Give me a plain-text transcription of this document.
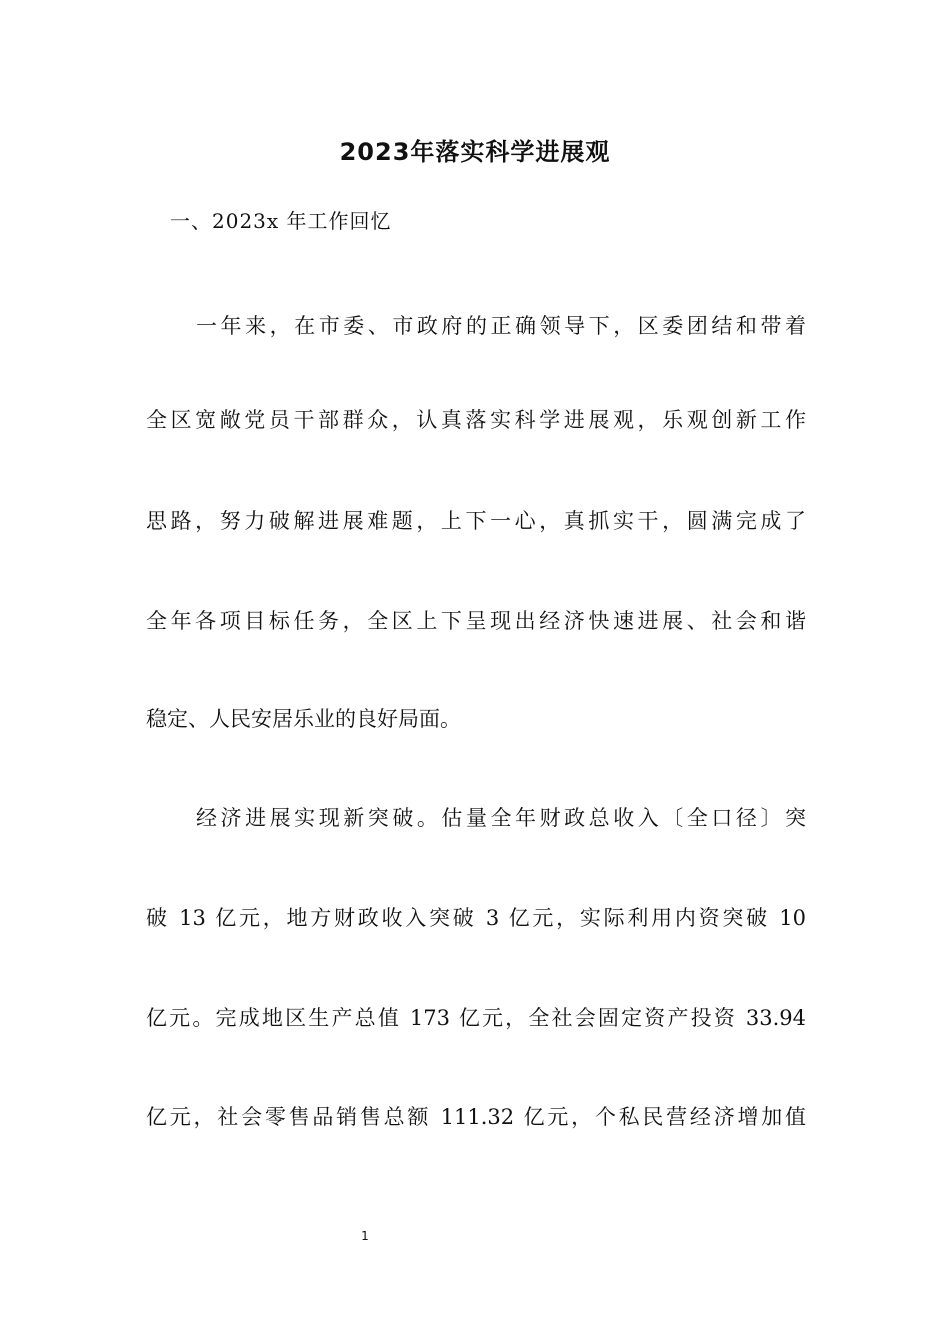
2023年落实科学进展观
一、2023x 年工作回忆
一年来，在市委、市政府的正确领导下，区委团结和带着
全区宽敞党员干部群众，认真落实科学进展观，乐观创新工作
思路，努力破解进展难题，上下一心，真抓实干，圆满完成了
全年各项目标任务，全区上下呈现出经济快速进展、社会和谐
稳定、人民安居乐业的良好局面。
经济进展实现新突破。估量全年财政总收入〔全口径〕突
破 13 亿元，地方财政收入突破 3 亿元，实际利用内资突破 10
亿元。完成地区生产总值 173 亿元，全社会固定资产投资 33.94
亿元，社会零售品销售总额 111.32 亿元，个私民营经济增加值
1
